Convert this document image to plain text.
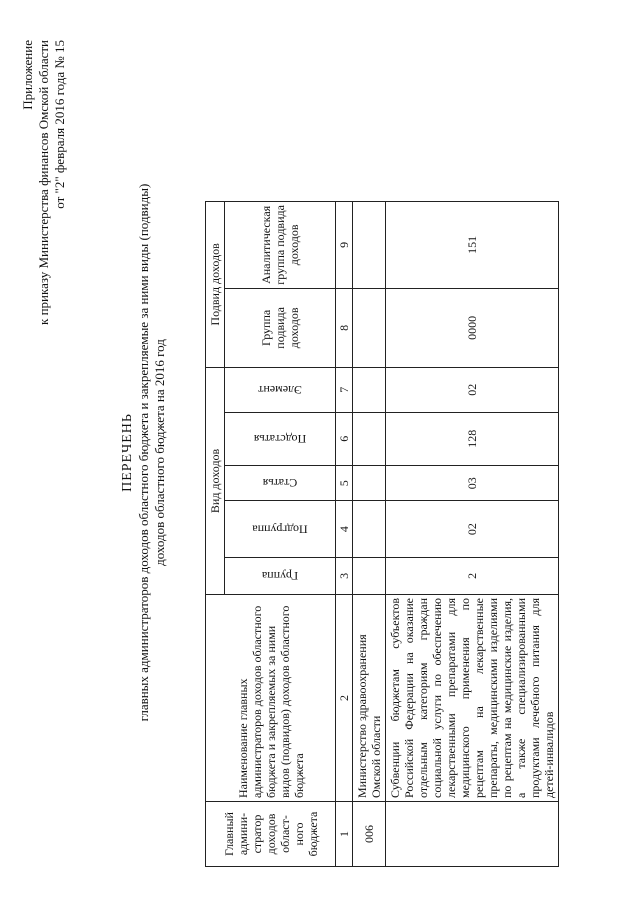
Приложение к приказу Министерства финансов Омской области от "2" февраля 2016 года № 15
ПЕРЕЧЕНЬ главных администраторов доходов областного бюджета и закрепляемые за ними виды (подвиды) доходов областного бюджета на 2016 год
Главный админи-стратор доходов област-ного бюджета	Наименование главных администраторов доходов областного бюджета и закрепляемых за ними видов (подвидов) доходов областного бюджета	Вид доходов					Подвид доходов	
		Группа	Подгруппа	Статья	Подстатья	Элемент	Группа подвида доходов	Аналитическая группа подвида доходов
1	2	3	4	5	6	7	8	9
006	Министерство здравоохранения Омской области							
	Субвенции бюджетам субъектов Российской Федерации на оказание отдельным категориям граждан социальной услуги по обеспечению лекарственными препаратами для медицинского применения по рецептам на лекарственные препараты, медицинскими изделиями по рецептам на медицинские изделия, а также специализированными продуктами лечебного питания для детей-инвалидов	2	02	03	128	02	0000	151
